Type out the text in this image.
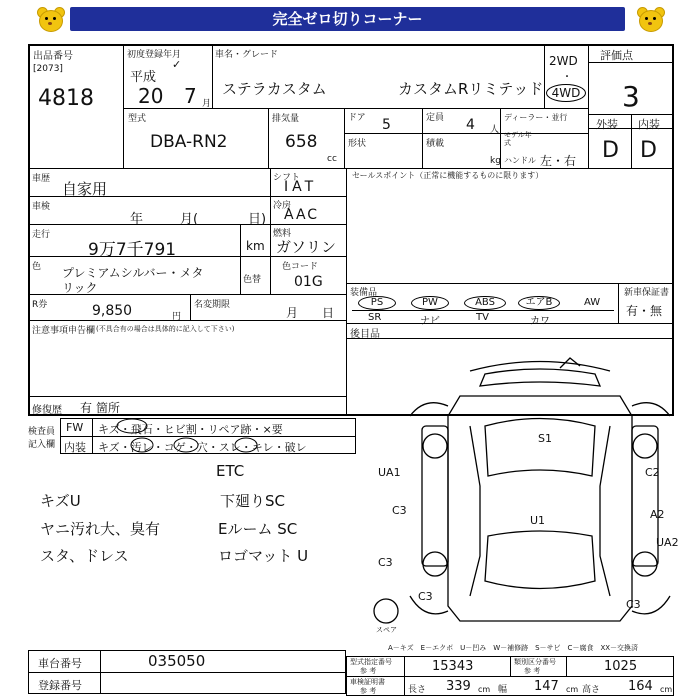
完全ゼロ切りコーナー
出品番号
[2073]
4818
初度登録年月
平成
✓
20 7 月
車名・グレード
ステラカスタム	カスタムRリミテッド
2WD
・
4WD
評価点
3
外装 内装
D D
型式
DBA-RN2
排気量
658
cc
ドア 5	定員 4 人
形状	積載
kg
ディーラー・並行
モデル年式
ハンドル 左・右
車歴
自家用
シフト
IAT
車検
年	月(	日)
冷房
AAC
走行
9万7千791	km
燃料
ガソリン
色 プレミアムシルバー・メタ
リック
色替
色コード
01G
R券	9,850	円
名変期限
月 日
注意事項申告欄 (不具合有の場合は具体的に記入して下さい)
修復歴 有 箇所
セールスポイント（正常に機能するものに限ります）
装備品	新車保証書
有・無
PS	PW	ABS	エアB	AW
SR	ナビ	TV	カワ
後目品
検査員
記入欄
FW キズ・飛石・ヒビ割・リペア跡・×要
内装 キズ・汚レ・コゲ・穴・スレ・キレ・破レ
ETC
下廻りSC
キズU
ヤニ汚れ大、臭有	Eルーム SC
スタ、ドレス	ロゴマット U
S1
U1
UA1	C2
C3
C3
C3
C3
A2
UA2
スペア
A－キズ　E－エクボ　U－凹み　W－補修跡　S－サビ　C－腐食　XX－交換済
車台番号	035050
登録番号
型式指定番号
参 考	15343	類別区分番号
参 考	1025
車検証明書
参 考	長さ 339 cm 幅 147 cm 高さ 164 cm
